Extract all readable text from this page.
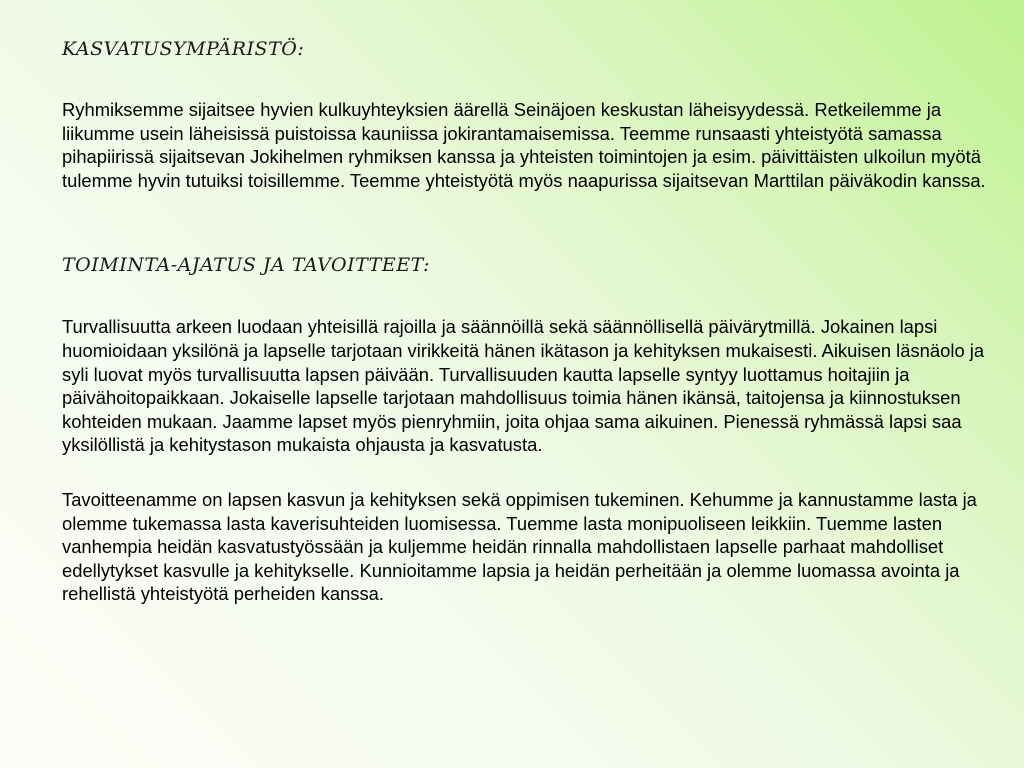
KASVATUSYMPÄRISTÖ:

Ryhmiksemme sijaitsee hyvien kulkuyhteyksien äärellä Seinäjoen keskustan läheisyydessä. Retkeilemme ja liikumme usein läheisissä puistoissa kauniissa jokirantamaisemissa. Teemme runsaasti yhteistyötä samassa pihapiirissä sijaitsevan Jokihelmen ryhmiksen kanssa ja yhteisten toimintojen ja esim. päivittäisten ulkoilun myötä tulemme hyvin tutuiksi toisillemme. Teemme yhteistyötä myös naapurissa sijaitsevan Marttilan päiväkodin kanssa.

TOIMINTA-AJATUS JA TAVOITTEET:

Turvallisuutta arkeen luodaan yhteisillä rajoilla ja säännöillä sekä säännöllisellä päivärytmillä. Jokainen lapsi huomioidaan yksilönä ja lapselle tarjotaan virikkeitä hänen ikätason ja kehityksen mukaisesti. Aikuisen läsnäolo ja syli luovat myös turvallisuutta lapsen päivään. Turvallisuuden kautta lapselle syntyy luottamus hoitajiin ja päivähoitopaikkaan. Jokaiselle lapselle tarjotaan mahdollisuus toimia hänen ikänsä, taitojensa ja kiinnostuksen kohteiden mukaan. Jaamme lapset myös pienryhmiin, joita ohjaa sama aikuinen. Pienessä ryhmässä lapsi saa yksilöllistä ja kehitystason mukaista ohjausta ja kasvatusta.

Tavoitteenamme on lapsen kasvun ja kehityksen sekä oppimisen tukeminen. Kehumme ja kannustamme lasta ja olemme tukemassa lasta kaverisuhteiden luomisessa. Tuemme lasta monipuoliseen leikkiin. Tuemme lasten vanhempia heidän kasvatustyössään ja kuljemme heidän rinnalla mahdollistaen lapselle parhaat mahdolliset edellytykset kasvulle ja kehitykselle. Kunnioitamme lapsia ja heidän perheitään ja olemme luomassa avointa ja rehellistä yhteistyötä perheiden kanssa.
